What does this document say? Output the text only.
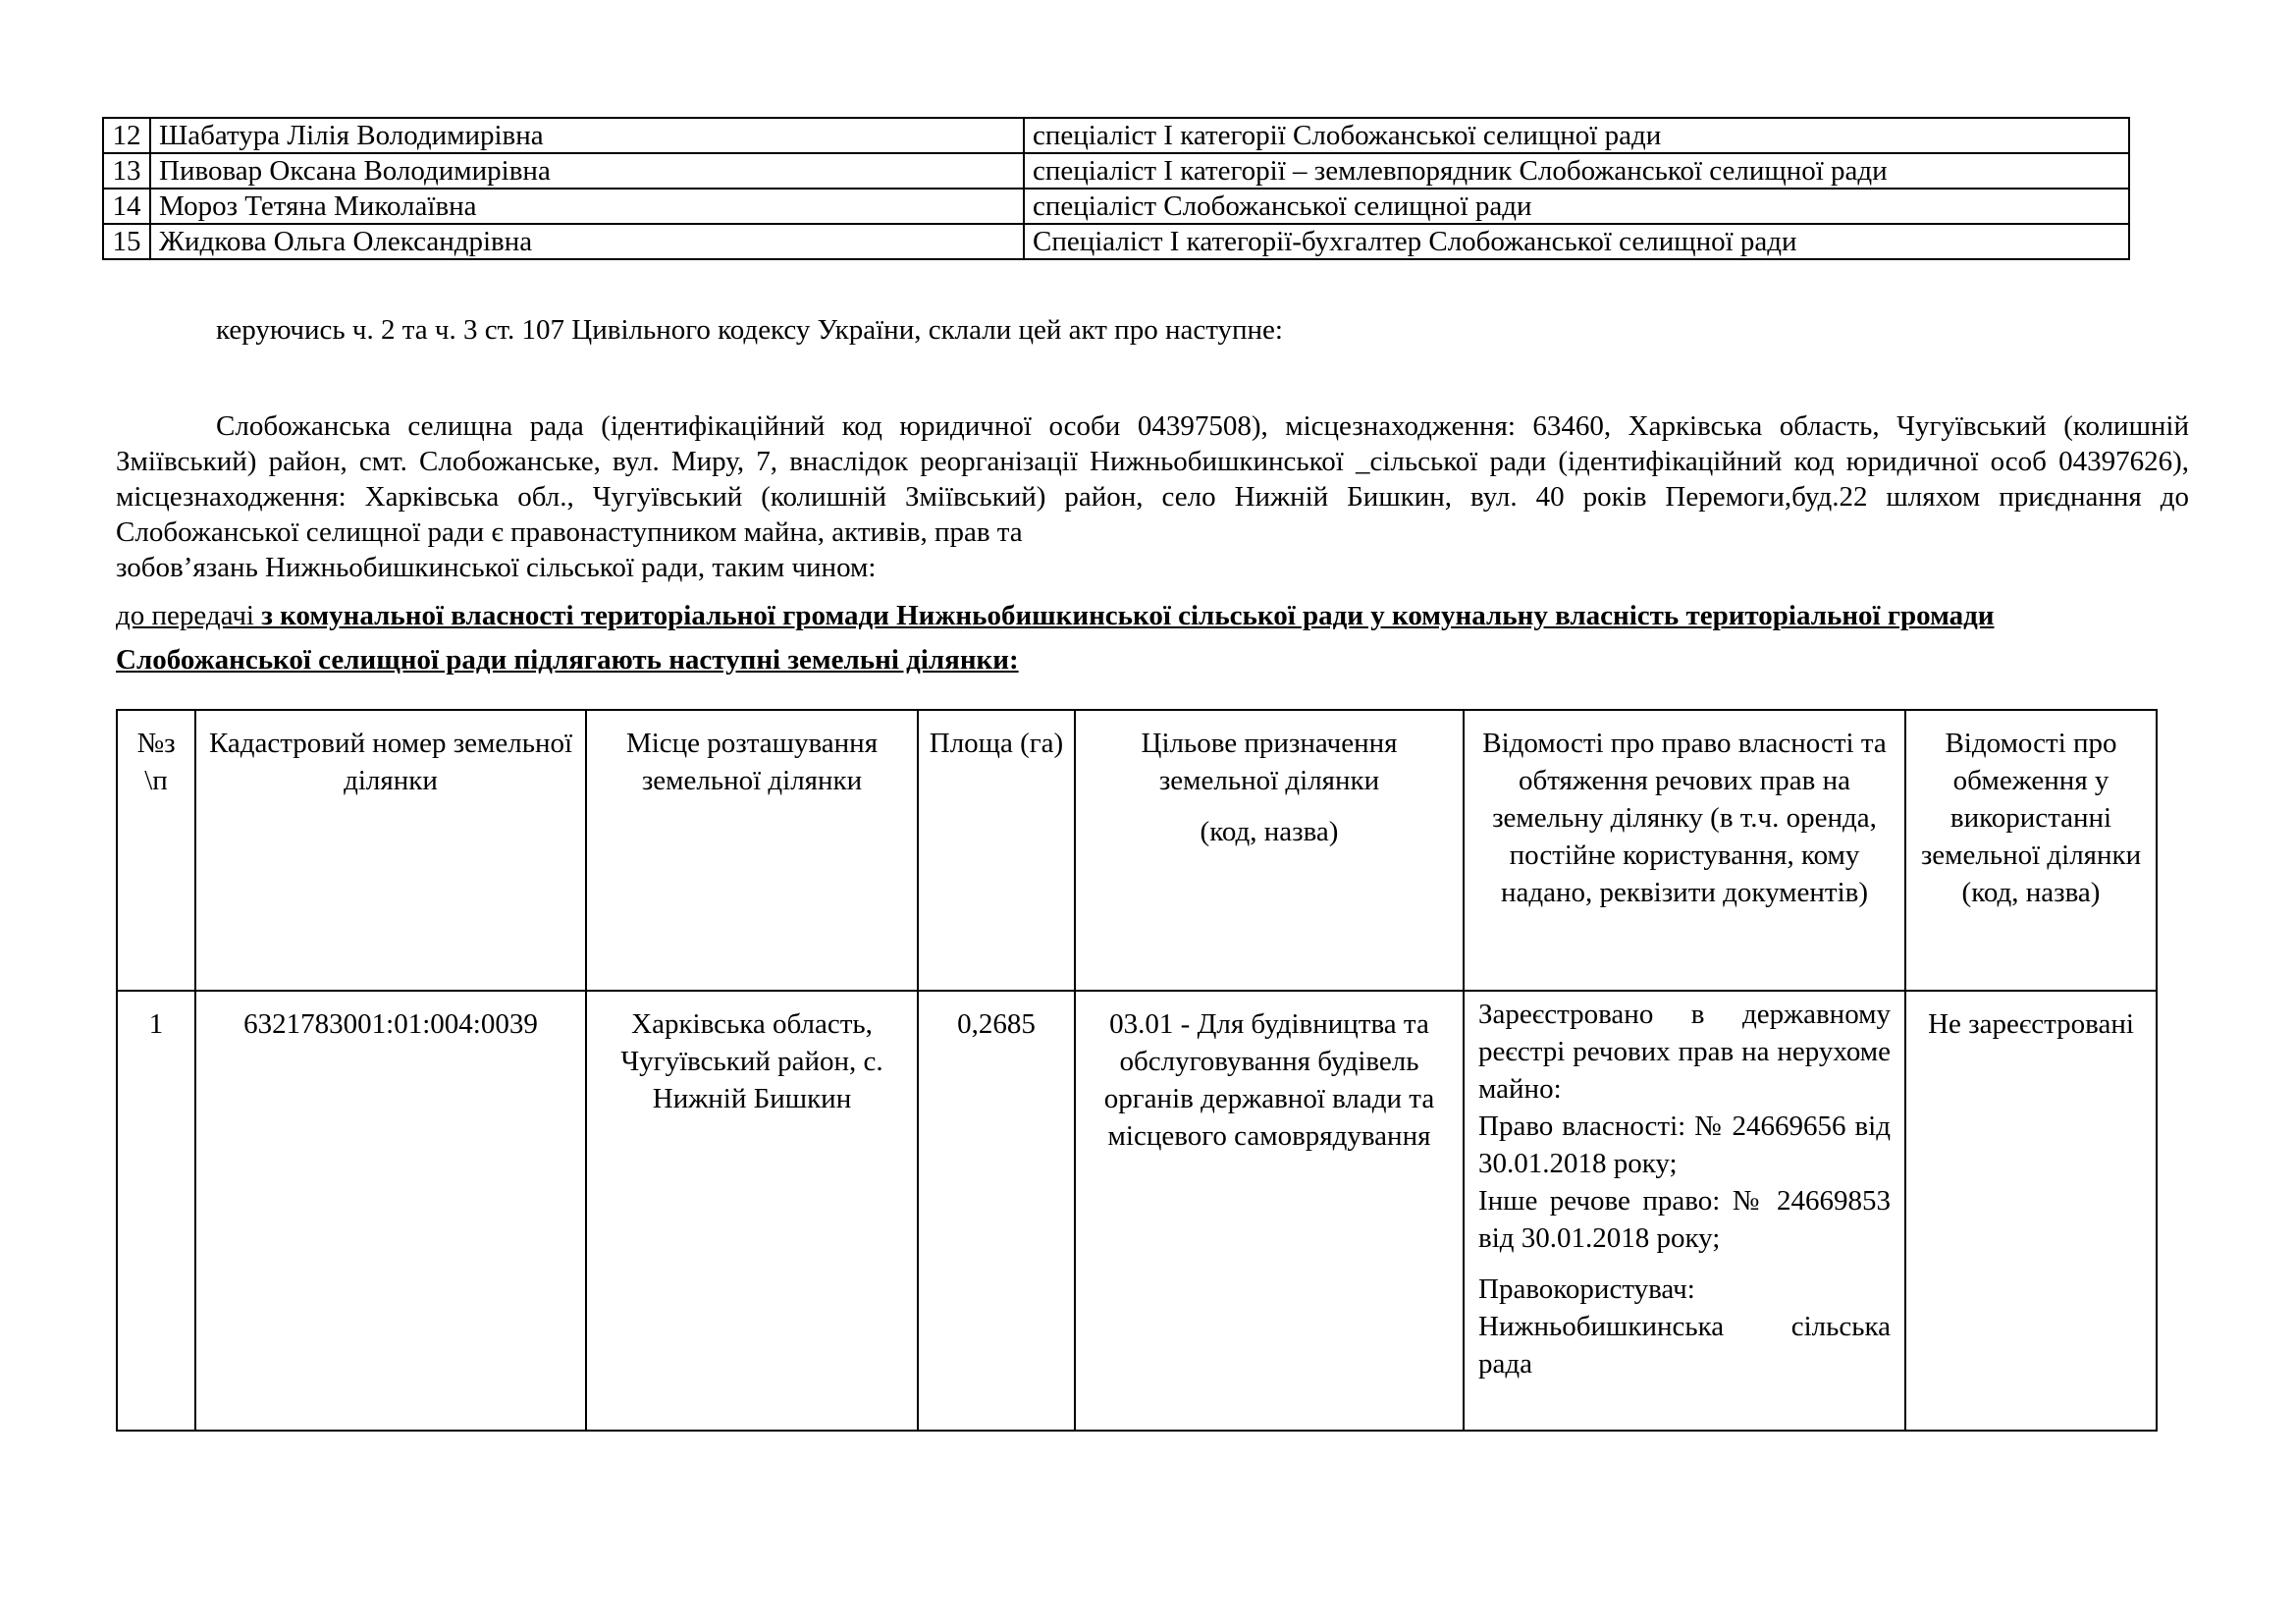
12	Шабатура Лілія Володимирівна	спеціаліст І категорії Слобожанської селищної ради
13	Пивовар Оксана Володимирівна	спеціаліст І категорії – землевпорядник Слобожанської селищної ради
14	Мороз Тетяна Миколаївна	спеціаліст Слобожанської селищної ради
15	Жидкова Ольга Олександрівна	Спеціаліст І категорії-бухгалтер Слобожанської селищної ради

керуючись ч. 2 та ч. 3 ст. 107 Цивільного кодексу України, склали цей акт про наступне:

Слобожанська селищна рада (ідентифікаційний код юридичної особи 04397508), місцезнаходження: 63460, Харківська область, Чугуївський (колишній Зміївський) район, смт. Слобожанське, вул. Миру, 7, внаслідок реорганізації Нижньобишкинської _сільської ради (ідентифікаційний код юридичної особ 04397626), місцезнаходження: Харківська обл., Чугуївський (колишній Зміївський) район, село Нижній Бишкин, вул. 40 років Перемоги,буд.22 шляхом приєднання до Слобожанської селищної ради є правонаступником майна, активів, прав та

зобов’язань Нижньобишкинської сільської ради, таким чином:

до передачі з комунальної власності територіальної громади Нижньобишкинської сільської ради у комунальну власність територіальної громади Слобожанської селищної ради підлягають наступні земельні ділянки:

№з \п	Кадастровий номер земельної ділянки	Місце розташування земельної ділянки	Площа (га)	Цільове призначення земельної ділянки
(код, назва)	Відомості про право власності та обтяження речових прав на земельну ділянку (в т.ч. оренда, постійне користування, кому надано, реквізити документів)	Відомості про обмеження у використанні земельної ділянки (код, назва)
1	6321783001:01:004:0039	Харківська область, Чугуївський район, с. Нижній Бишкин	0,2685	03.01 - Для будівництва та обслуговування будівель органів державної влади та місцевого самоврядування	Зареєстровано в державному реєстрі речових прав на нерухоме майно:
Право власності: № 24669656 від 30.01.2018 року;
Інше речове право: № 24669853 від 30.01.2018 року;
Правокористувач: Нижньобишкинська сільська рада	Не зареєстровані
